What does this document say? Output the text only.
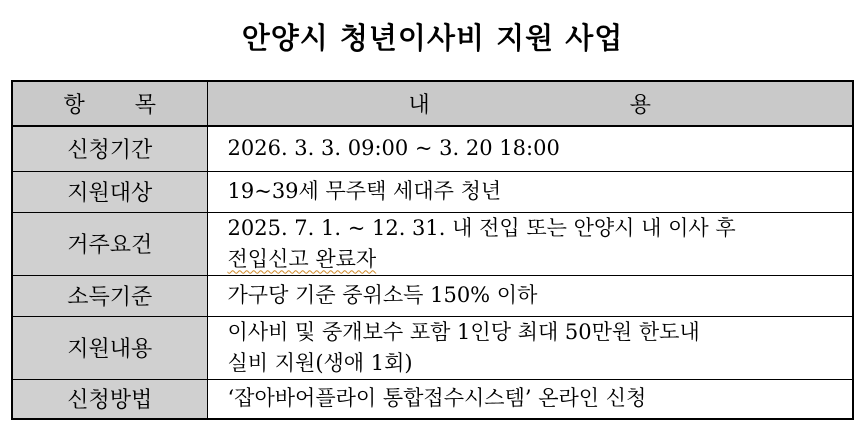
안양시 청년이사비 지원 사업
항목	내용
신청기간	2026. 3. 3. 09:00 ~ 3. 20 18:00

지원대상	19~39세 무주택 세대주 청년

거주요건	2025. 7. 1. ~ 12. 31. 내 전입 또는 안양시 내 이사 후
전입신고 완료자

소득기준	가구당 기준 중위소득 150% 이하

지원내용	이사비 및 중개보수 포함 1인당 최대 50만원 한도내
실비 지원(생애 1회)

신청방법	‘잡아바어플라이 통합접수시스템’ 온라인 신청
